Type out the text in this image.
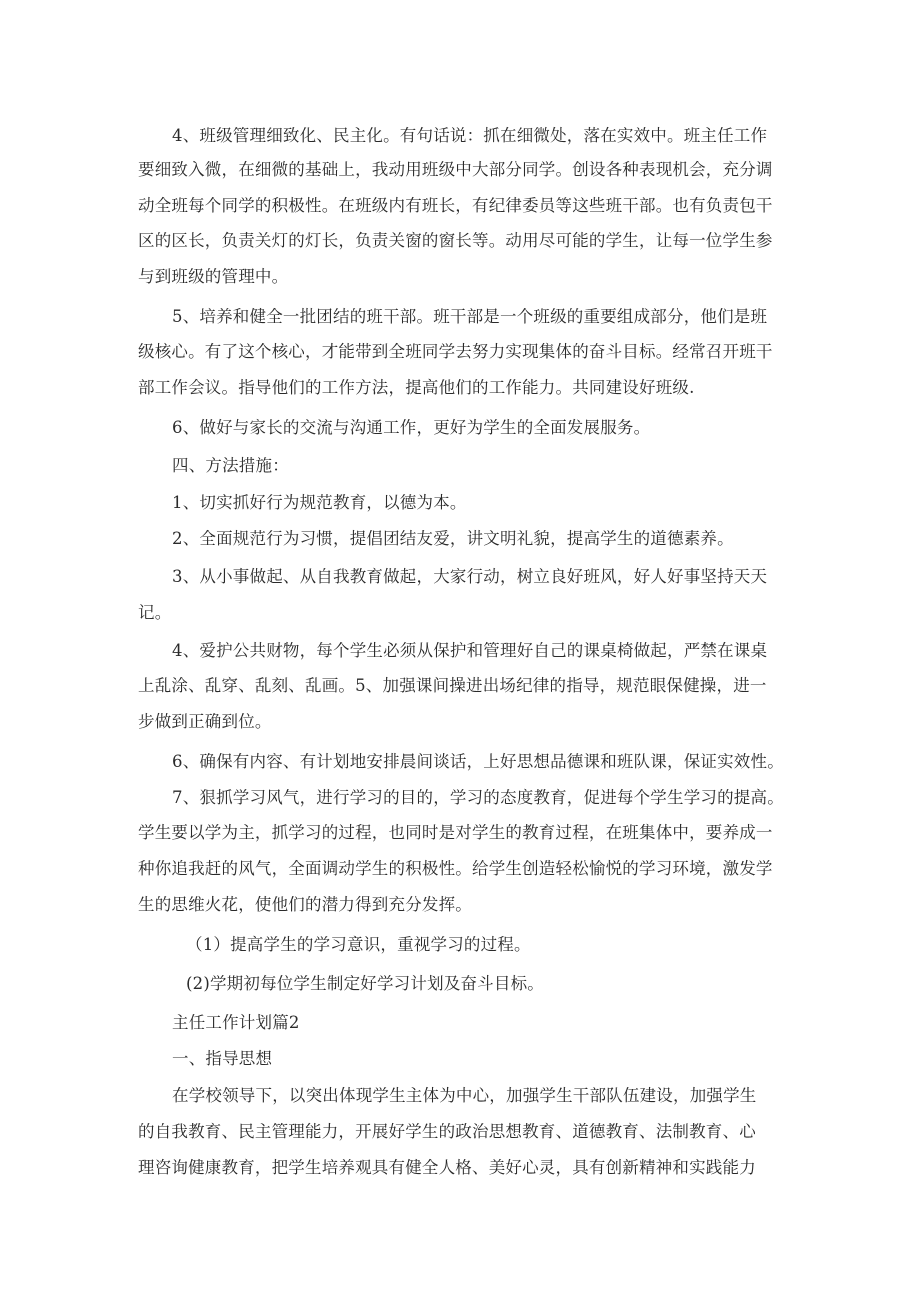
4、班级管理细致化、民主化。有句话说：抓在细微处，落在实效中。班主任工作
要细致入微，在细微的基础上，我动用班级中大部分同学。创设各种表现机会，充分调
动全班每个同学的积极性。在班级内有班长，有纪律委员等这些班干部。也有负责包干
区的区长，负责关灯的灯长，负责关窗的窗长等。动用尽可能的学生，让每一位学生参
与到班级的管理中。
5、培养和健全一批团结的班干部。班干部是一个班级的重要组成部分，他们是班
级核心。有了这个核心，才能带到全班同学去努力实现集体的奋斗目标。经常召开班干
部工作会议。指导他们的工作方法，提高他们的工作能力。共同建设好班级.
6、做好与家长的交流与沟通工作，更好为学生的全面发展服务。
四、方法措施：
1、切实抓好行为规范教育，以德为本。
2、全面规范行为习惯，提倡团结友爱，讲文明礼貌，提高学生的道德素养。
3、从小事做起、从自我教育做起，大家行动，树立良好班风，好人好事坚持天天
记。
4、爱护公共财物，每个学生必须从保护和管理好自己的课桌椅做起，严禁在课桌
上乱涂、乱穿、乱刻、乱画。5、加强课间操进出场纪律的指导，规范眼保健操，进一
步做到正确到位。
6、确保有内容、有计划地安排晨间谈话，上好思想品德课和班队课，保证实效性。
7、狠抓学习风气，进行学习的目的，学习的态度教育，促进每个学生学习的提高。
学生要以学为主，抓学习的过程，也同时是对学生的教育过程，在班集体中，要养成一
种你追我赶的风气，全面调动学生的积极性。给学生创造轻松愉悦的学习环境，激发学
生的思维火花，使他们的潜力得到充分发挥。
（1）提高学生的学习意识，重视学习的过程。
(2)学期初每位学生制定好学习计划及奋斗目标。
主任工作计划篇2
一、指导思想
在学校领导下，以突出体现学生主体为中心，加强学生干部队伍建设，加强学生
的自我教育、民主管理能力，开展好学生的政治思想教育、道德教育、法制教育、心
理咨询健康教育，把学生培养观具有健全人格、美好心灵，具有创新精神和实践能力
